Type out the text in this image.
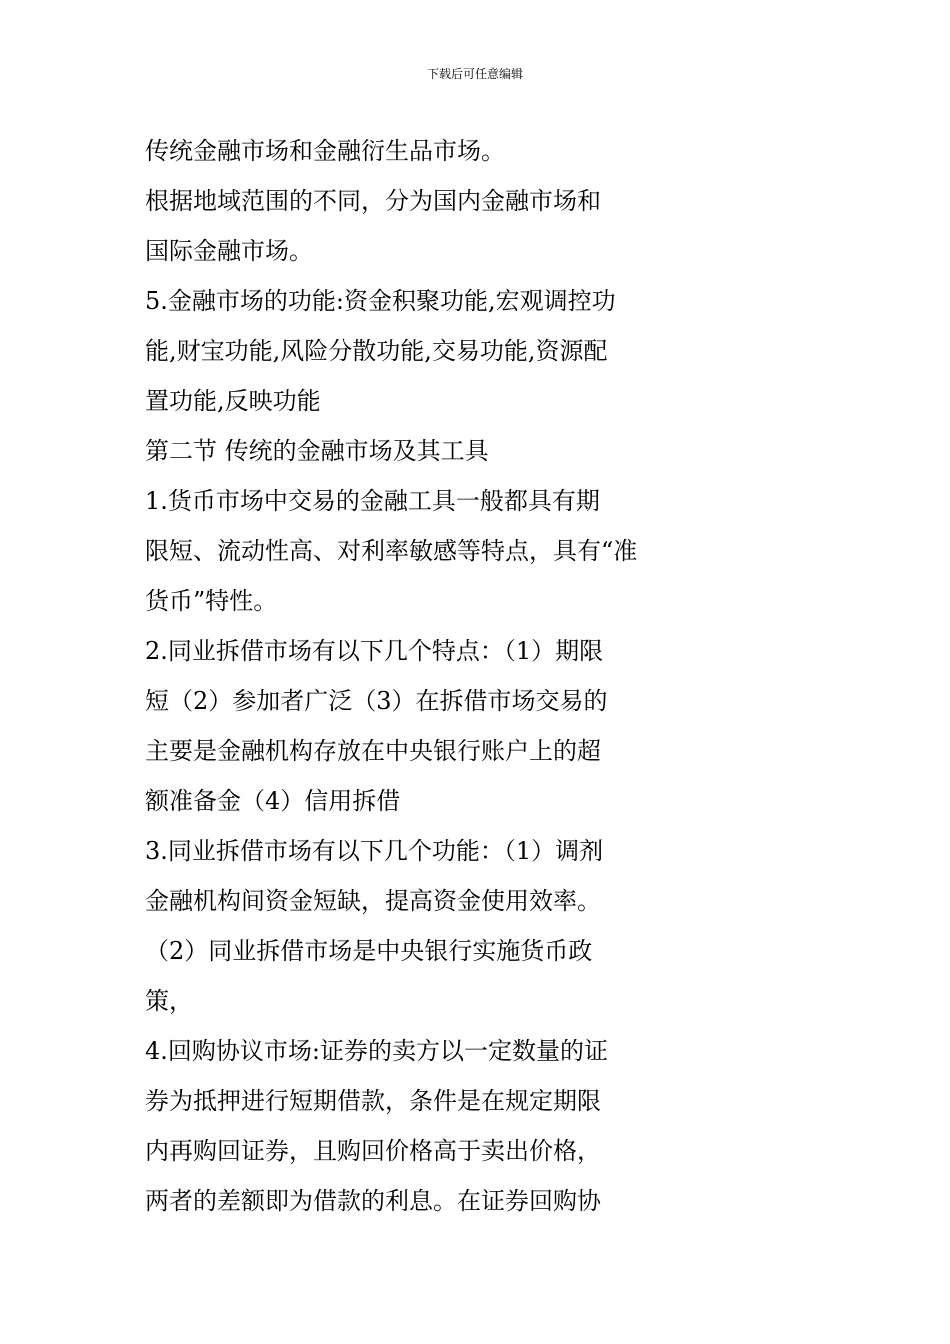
下载后可任意编辑
传统金融市场和金融衍生品市场。
根据地域范围的不同，分为国内金融市场和
国际金融市场。
5.金融市场的功能:资金积聚功能,宏观调控功
能,财宝功能,风险分散功能,交易功能,资源配
置功能,反映功能
第二节 传统的金融市场及其工具
1.货币市场中交易的金融工具一般都具有期
限短、流动性高、对利率敏感等特点，具有“准
货币”特性。
2.同业拆借市场有以下几个特点：（1）期限
短（2）参加者广泛（3）在拆借市场交易的
主要是金融机构存放在中央银行账户上的超
额准备金（4）信用拆借
3.同业拆借市场有以下几个功能：（1）调剂
金融机构间资金短缺，提高资金使用效率。
（2）同业拆借市场是中央银行实施货币政
策，
4.回购协议市场:证券的卖方以一定数量的证
券为抵押进行短期借款，条件是在规定期限
内再购回证券，且购回价格高于卖出价格，
两者的差额即为借款的利息。在证券回购协
